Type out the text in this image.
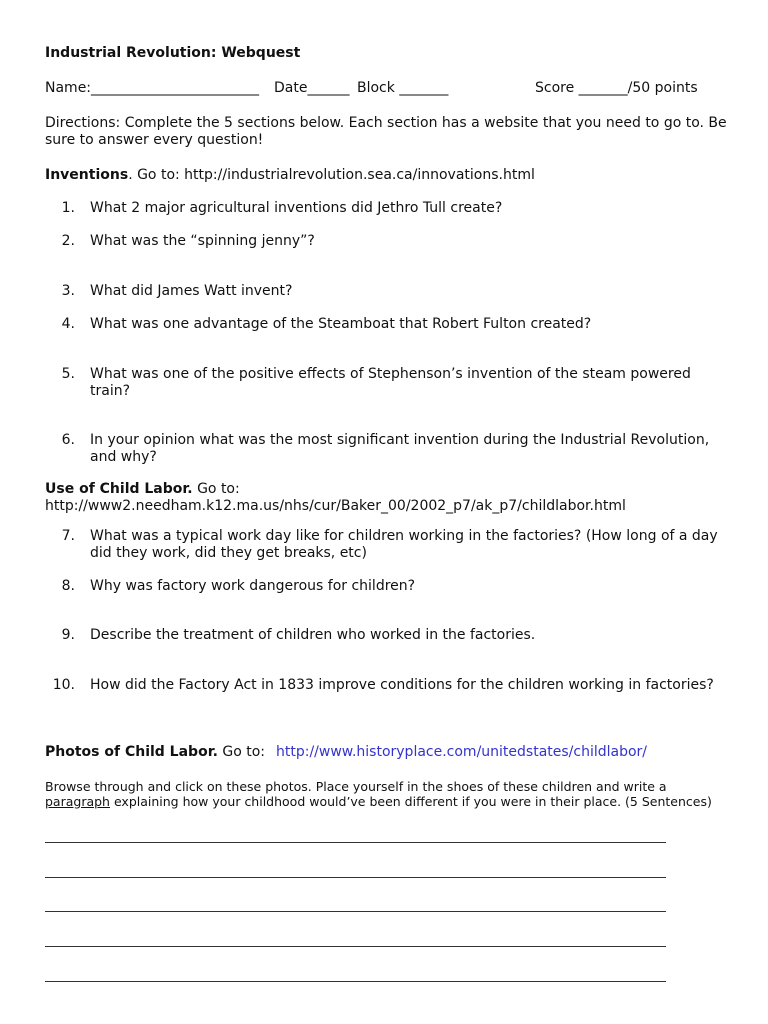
Industrial Revolution: Webquest
Name:________________________ Date______ Block _______	Score _______/50 points
Directions: Complete the 5 sections below. Each section has a website that you need to go to. Be sure to answer every question!
Inventions. Go to: http://industrialrevolution.sea.ca/innovations.html
1. What 2 major agricultural inventions did Jethro Tull create?
2. What was the “spinning jenny”?
3. What did James Watt invent?
4. What was one advantage of the Steamboat that Robert Fulton created?
5. What was one of the positive effects of Stephenson’s invention of the steam powered train?
6. In your opinion what was the most significant invention during the Industrial Revolution, and why?
Use of Child Labor. Go to:
http://www2.needham.k12.ma.us/nhs/cur/Baker_00/2002_p7/ak_p7/childlabor.html
7. What was a typical work day like for children working in the factories? (How long of a day did they work, did they get breaks, etc)
8. Why was factory work dangerous for children?
9. Describe the treatment of children who worked in the factories.
10. How did the Factory Act in 1833 improve conditions for the children working in factories?
Photos of Child Labor. Go to: http://www.historyplace.com/unitedstates/childlabor/
Browse through and click on these photos. Place yourself in the shoes of these children and write a paragraph explaining how your childhood would’ve been different if you were in their place. (5 Sentences)
